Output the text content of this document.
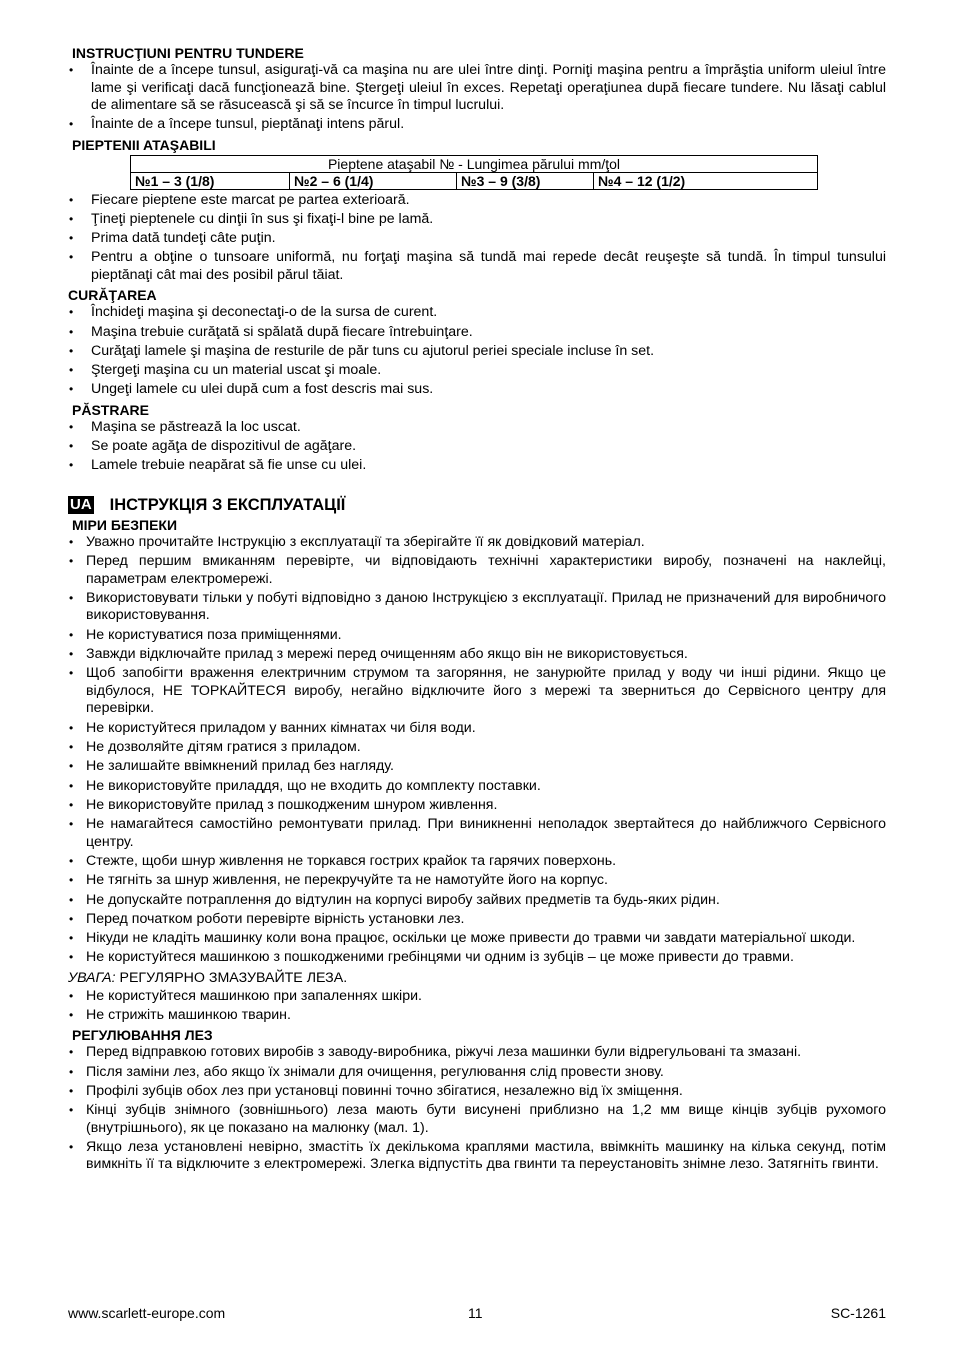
INSTRUCŢIUNI PENTRU TUNDERE
• Înainte de a începe tunsul, asiguraţi-vă ca maşina nu are ulei între dinţi. Porniţi maşina pentru a împrăştia uniform uleiul între lame şi verificaţi dacă funcţionează bine. Ştergeţi uleiul în exces. Repetaţi operaţiunea după fiecare tundere. Nu lăsaţi cablul de alimentare să se răsucească şi să se încurce în timpul lucrului.
• Înainte de a începe tunsul, pieptănaţi intens părul.
PIEPTENII ATAŞABILI
Pieptene ataşabil № - Lungimea părului mm/ţol
№1 – 3 (1/8)	№2 – 6 (1/4)	№3 – 9 (3/8)	№4 – 12 (1/2)
• Fiecare pieptene este marcat pe partea exterioară.
• Ţineţi pieptenele cu dinţii în sus şi fixaţi-l bine pe lamă.
• Prima dată tundeţi câte puţin.
• Pentru a obţine o tunsoare uniformă, nu forţaţi maşina să tundă mai repede decât reuşeşte să tundă. În timpul tunsului pieptănaţi cât mai des posibil părul tăiat.
CURĂŢAREA
• Închideţi maşina şi deconectaţi-o de la sursa de curent.
• Maşina trebuie curăţată si spălată după fiecare întrebuinţare.
• Curăţaţi lamele şi maşina de resturile de păr tuns cu ajutorul periei speciale incluse în set.
• Ştergeţi maşina cu un material uscat şi moale.
• Ungeţi lamele cu ulei după cum a fost descris mai sus.
PĂSTRARE
• Maşina se păstrează la loc uscat.
• Se poate agăţa de dispozitivul de agăţare.
• Lamele trebuie neapărat să fie unse cu ulei.
UA ІНСТРУКЦІЯ З ЕКСПЛУАТАЦІЇ
МІРИ БЕЗПЕКИ
• Уважно прочитайте Інструкцію з експлуатації та зберігайте її як довідковий матеріал.
• Перед першим вмиканням перевірте, чи відповідають технічні характеристики виробу, позначені на наклейці, параметрам електромережі.
• Використовувати тільки у побуті відповідно з даною Інструкцією з експлуатації. Прилад не призначений для виробничого використовування.
• Не користуватися поза приміщеннями.
• Завжди відключайте прилад з мережі перед очищенням або якщо він не використовується.
• Щоб запобігти враження електричним струмом та загоряння, не занурюйте прилад у воду чи інші рідини. Якщо це відбулося, НЕ ТОРКАЙТЕСЯ виробу, негайно відключите його з мережі та зверниться до Сервісного центру для перевірки.
• Не користуйтеся приладом у ванних кімнатах чи біля води.
• Не дозволяйте дітям гратися з приладом.
• Не залишайте ввімкнений прилад без нагляду.
• Не використовуйте приладдя, що не входить до комплекту поставки.
• Не використовуйте прилад з пошкодженим шнуром живлення.
• Не намагайтеся самостійно ремонтувати прилад. При виникненні неполадок звертайтеся до найближчого Сервісного центру.
• Стежте, щоби шнур живлення не торкався гострих крайок та гарячих поверхонь.
• Не тягніть за шнур живлення, не перекручуйте та не намотуйте його на корпус.
• Не допускайте потраплення до відтулин на корпусі виробу зайвих предметів та будь-яких рідин.
• Перед початком роботи перевірте вірність установки лез.
• Нікуди не кладіть машинку коли вона працює, оскільки це може привести до травми чи завдати матеріальної шкоди.
• Не користуйтеся машинкою з пошкодженими гребінцями чи одним із зубців – це може привести до травми.
УВАГА: РЕГУЛЯРНО ЗМАЗУВАЙТЕ ЛЕЗА.
• Не користуйтеся машинкою при запаленнях шкіри.
• Не стрижіть машинкою тварин.
РЕГУЛЮВАННЯ ЛЕЗ
• Перед відправкою готових виробів з заводу-виробника, ріжучі леза машинки були відрегульовані та змазані.
• Після заміни лез, або якщо їх знімали для очищення, регулювання слід провести знову.
• Профілі зубців обох лез при установці повинні точно збігатися, незалежно від їх зміщення.
• Кінці зубців знімного (зовнішнього) леза мають бути висунені приблизно на 1,2 мм вище кінців зубців рухомого (внутрішнього), як це показано на малюнку (мал. 1).
• Якщо леза установлені невірно, змастіть їх декількома краплями мастила, ввімкніть машинку на кілька секунд, потім вимкніть її та відключите з електромережі. Злегка відпустіть два гвинти та переустановіть знімне лезо. Затягніть гвинти.
www.scarlett-europe.com	11	SC-1261
